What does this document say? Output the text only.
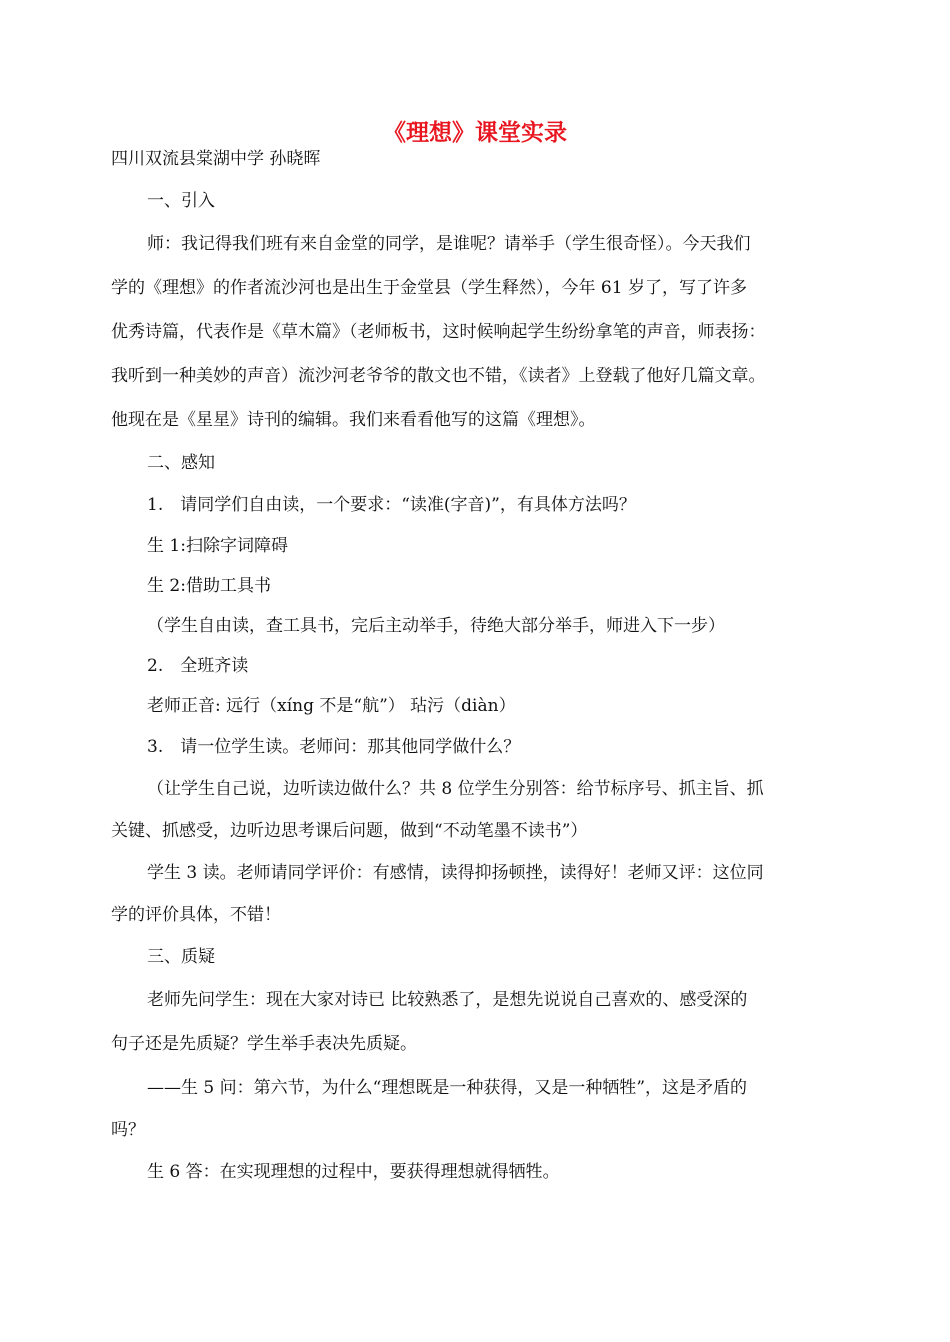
《理想》课堂实录
四川双流县棠湖中学 孙晓晖

一、引入

师：我记得我们班有来自金堂的同学，是谁呢？请举手（学生很奇怪）。今天我们

学的《理想》的作者流沙河也是出生于金堂县（学生释然），今年 61 岁了，写了许多

优秀诗篇，代表作是《草木篇》（老师板书，这时候响起学生纷纷拿笔的声音，师表扬：

我听到一种美妙的声音）流沙河老爷爷的散文也不错，《读者》上登载了他好几篇文章。

他现在是《星星》诗刊的编辑。我们来看看他写的这篇《理想》。

二、感知

1.　请同学们自由读，一个要求：“读准(字音)”，有具体方法吗？

生 1:扫除字词障碍

生 2:借助工具书

（学生自由读，查工具书，完后主动举手，待绝大部分举手，师进入下一步）

2.　全班齐读

老师正音: 远行（xíng 不是“航”） 玷污（diàn）

3.　请一位学生读。老师问：那其他同学做什么？

（让学生自己说，边听读边做什么？共 8 位学生分别答：给节标序号、抓主旨、抓

关键、抓感受，边听边思考课后问题，做到“不动笔墨不读书”）

学生 3 读。老师请同学评价：有感情，读得抑扬顿挫，读得好！老师又评：这位同

学的评价具体，不错！

三、质疑

老师先问学生：现在大家对诗已 比较熟悉了，是想先说说自己喜欢的、感受深的

句子还是先质疑？学生举手表决先质疑。

——生 5 问：第六节，为什么“理想既是一种获得，又是一种牺牲”，这是矛盾的

吗？

生 6 答：在实现理想的过程中，要获得理想就得牺牲。
